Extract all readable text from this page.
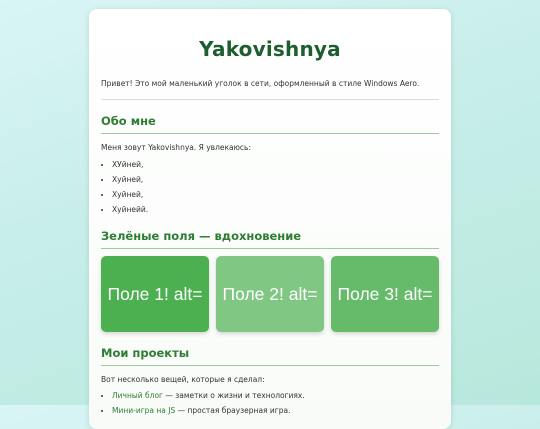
Yakovishnya

Привет! Это мой маленький уголок в сети, оформленный в стиле Windows Aero.

Обо мне

Меня зовут Yakovishnya. Я увлекаюсь:

• ХУйней,
• Хуйней,
• Хуйней,
• Хуйнейй.
Зелёные поля — вдохновение
Поле 1! alt=	Поле 2! alt=	Поле 3! alt=
Мои проекты

Вот несколько вещей, которые я сделал:

• Личный блог — заметки о жизни и технологиях.
• Мини-игра на JS — простая браузерная игра.
